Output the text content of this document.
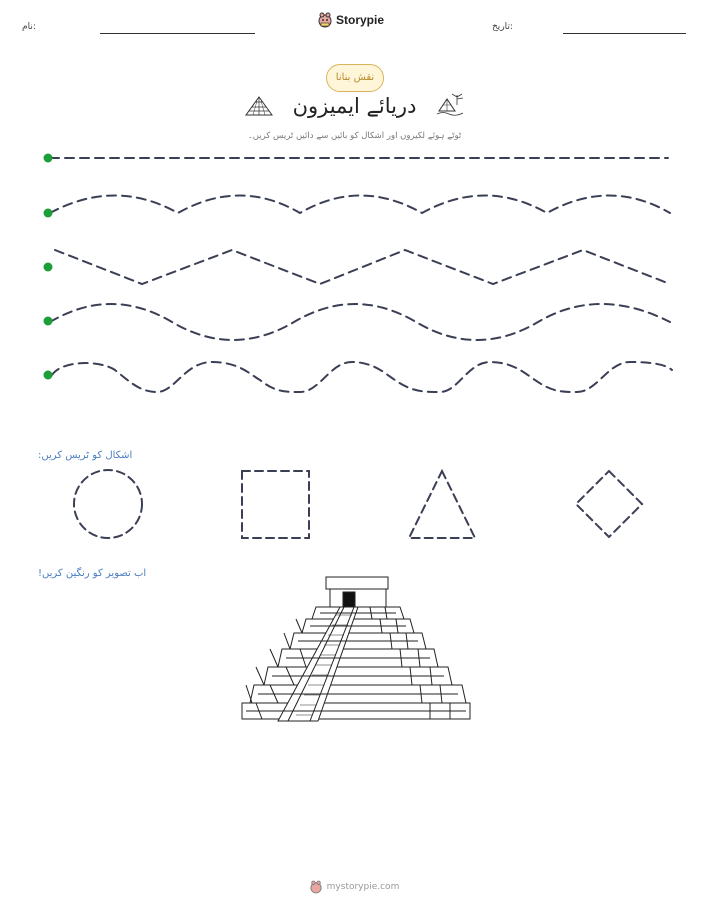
نام:	Storypie	تاریخ:
نقش بنانا
دریائے ایمیزون
ٹوٹے ہوئے لکیروں اور اشکال کو بائیں سے دائیں ٹریس کریں۔
اشکال کو ٹریس کریں:
اب تصویر کو رنگین کریں!
mystorypie.com
